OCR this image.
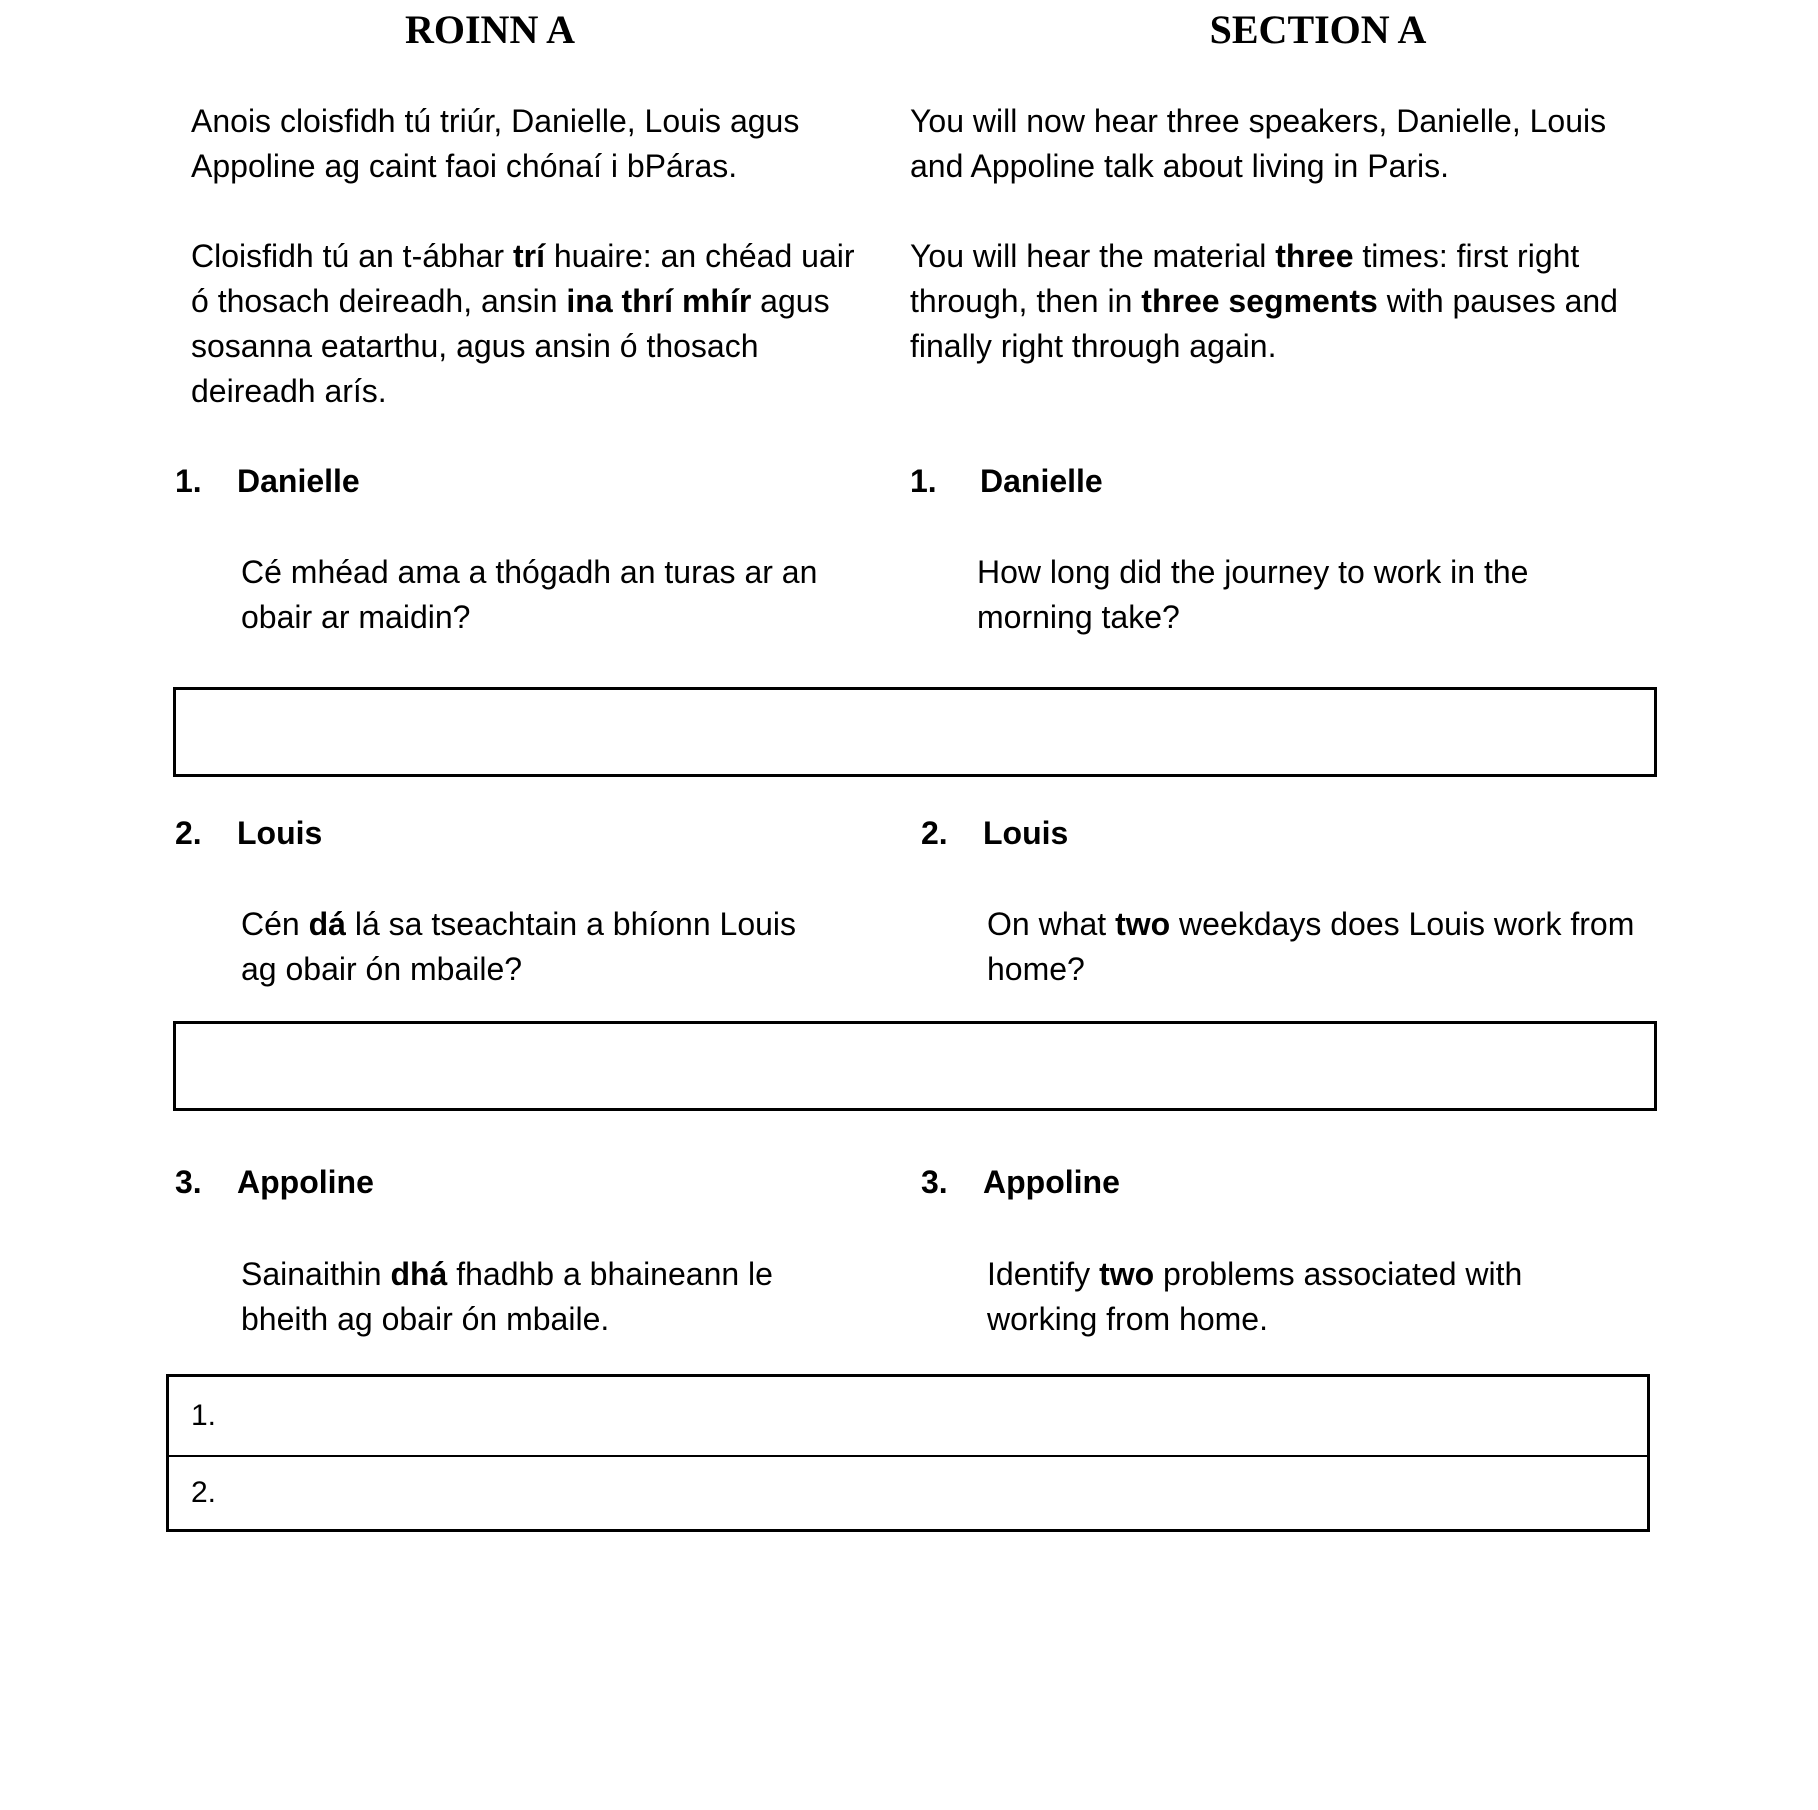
ROINN A	SECTION A
Anois cloisfidh tú triúr, Danielle, Louis agus Appoline ag caint faoi chónaí i bPáras.
You will now hear three speakers, Danielle, Louis and Appoline talk about living in Paris.
Cloisfidh tú an t-ábhar trí huaire: an chéad uair ó thosach deireadh, ansin ina thrí mhír agus sosanna eatarthu, agus ansin ó thosach deireadh arís.
You will hear the material three times: first right through, then in three segments with pauses and finally right through again.
1. Danielle	1. Danielle
Cé mhéad ama a thógadh an turas ar an obair ar maidin?
How long did the journey to work in the morning take?
2. Louis	2. Louis
Cén dá lá sa tseachtain a bhíonn Louis ag obair ón mbaile?
On what two weekdays does Louis work from home?
3. Appoline	3. Appoline
Sainaithin dhá fhadhb a bhaineann le bheith ag obair ón mbaile.
Identify two problems associated with working from home.
1.
2.
